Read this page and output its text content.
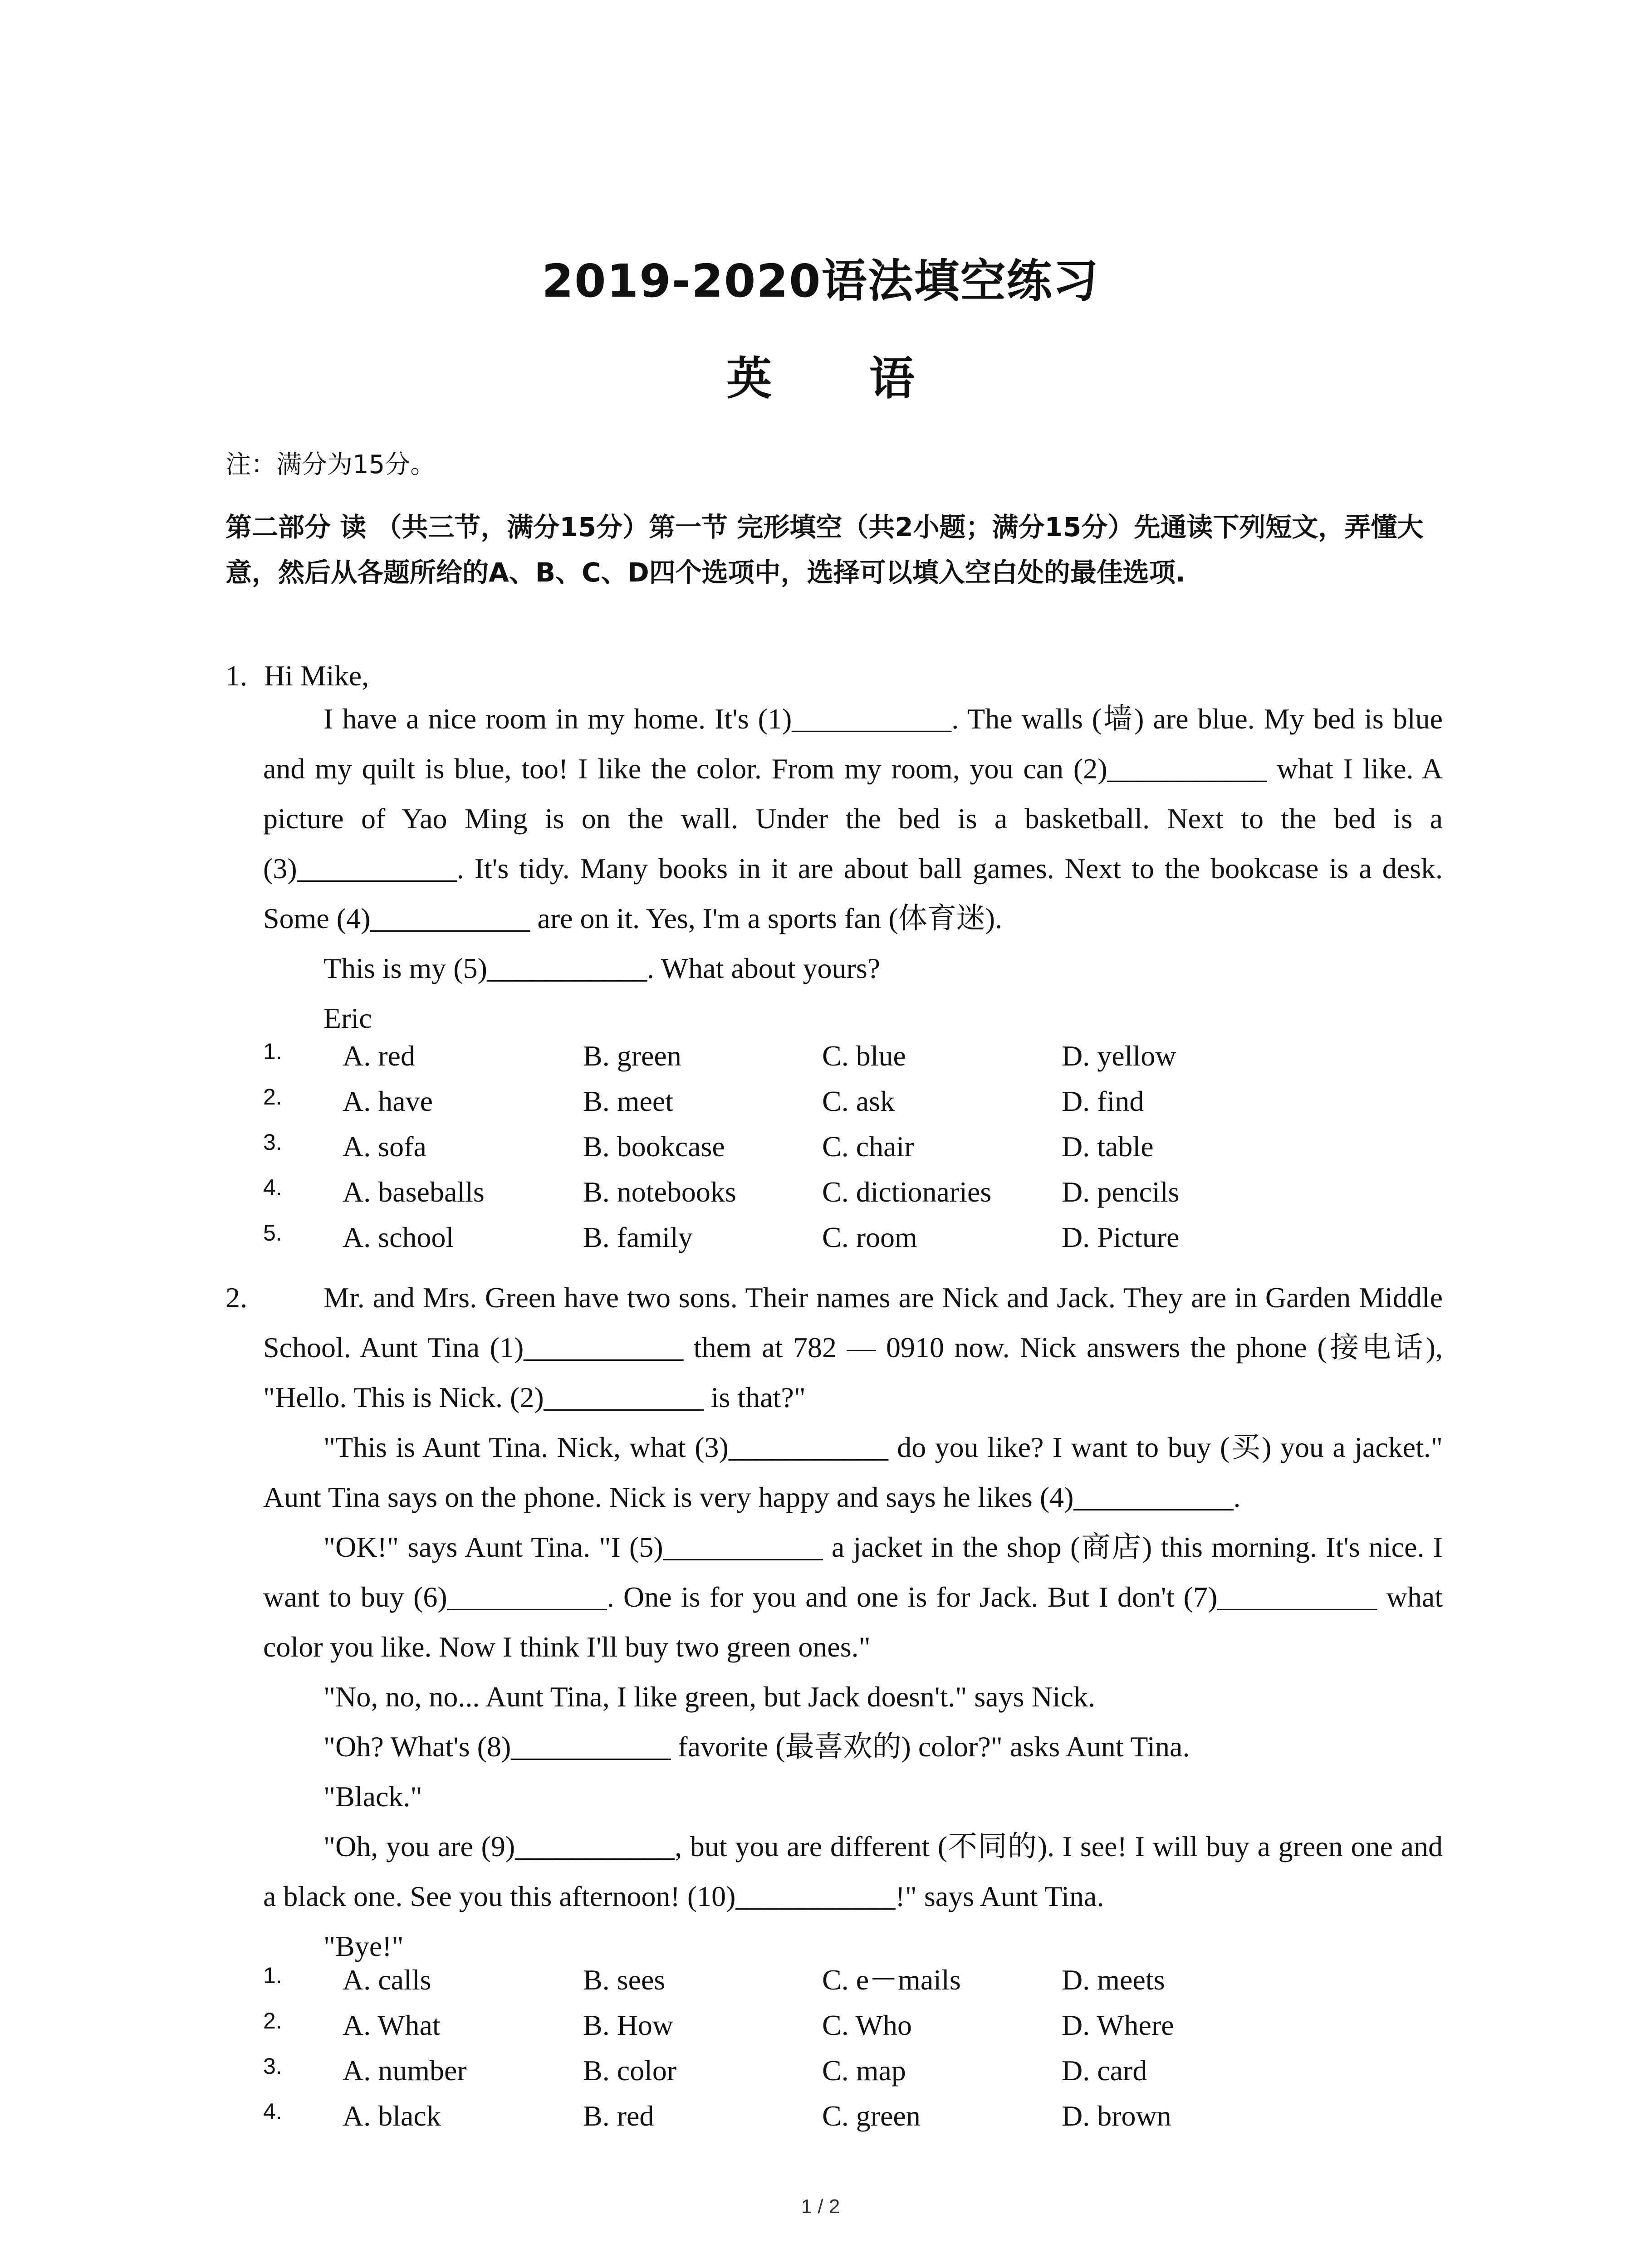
2019-2020语法填空练习
英 语
注：满分为15分。
第二部分 读 （共三节，满分15分）第一节 完形填空（共2小题；满分15分）先通读下列短文，弄懂大意，然后从各题所给的A、B、C、D四个选项中，选择可以填入空白处的最佳选项.
1. Hi Mike,

I have a nice room in my home. It's (1)___________. The walls (墙) are blue. My bed is blue and my quilt is blue, too! I like the color. From my room, you can (2)___________ what I like. A picture of Yao Ming is on the wall. Under the bed is a basketball. Next to the bed is a (3)___________. It's tidy. Many books in it are about ball games. Next to the bookcase is a desk. Some (4)___________ are on it. Yes, I'm a sports fan (体育迷).

This is my (5)___________. What about yours?

Eric

1. A. red	B. green	C. blue	D. yellow
2. A. have	B. meet	C. ask	D. find
3. A. sofa	B. bookcase	C. chair	D. table
4. A. baseballs	B. notebooks	C. dictionaries D. pencils
5. A. school	B. family	C. room	D. Picture
2.	Mr. and Mrs. Green have two sons. Their names are Nick and Jack. They are in Garden Middle School. Aunt Tina (1)___________ them at 782 — 0910 now. Nick answers the phone (接电话), "Hello. This is Nick. (2)___________ is that?"

"This is Aunt Tina. Nick, what (3)___________ do you like? I want to buy (买) you a jacket." Aunt Tina says on the phone. Nick is very happy and says he likes (4)___________.

"OK!" says Aunt Tina. "I (5)___________ a jacket in the shop (商店) this morning. It's nice. I want to buy (6)___________. One is for you and one is for Jack. But I don't (7)___________ what color you like. Now I think I'll buy two green ones."

"No, no, no... Aunt Tina, I like green, but Jack doesn't." says Nick.

"Oh? What's (8)___________ favorite (最喜欢的) color?" asks Aunt Tina.

"Black."

"Oh, you are (9)___________, but you are different (不同的). I see! I will buy a green one and a black one. See you this afternoon! (10)___________!" says Aunt Tina.

"Bye!"

1. A. calls	B. sees	C. e－mails	D. meets
2. A. What	B. How	C. Who	D. Where
3. A. number	B. color	C. map	D. card
4. A. black	B. red	C. green	D. brown
1 / 2
